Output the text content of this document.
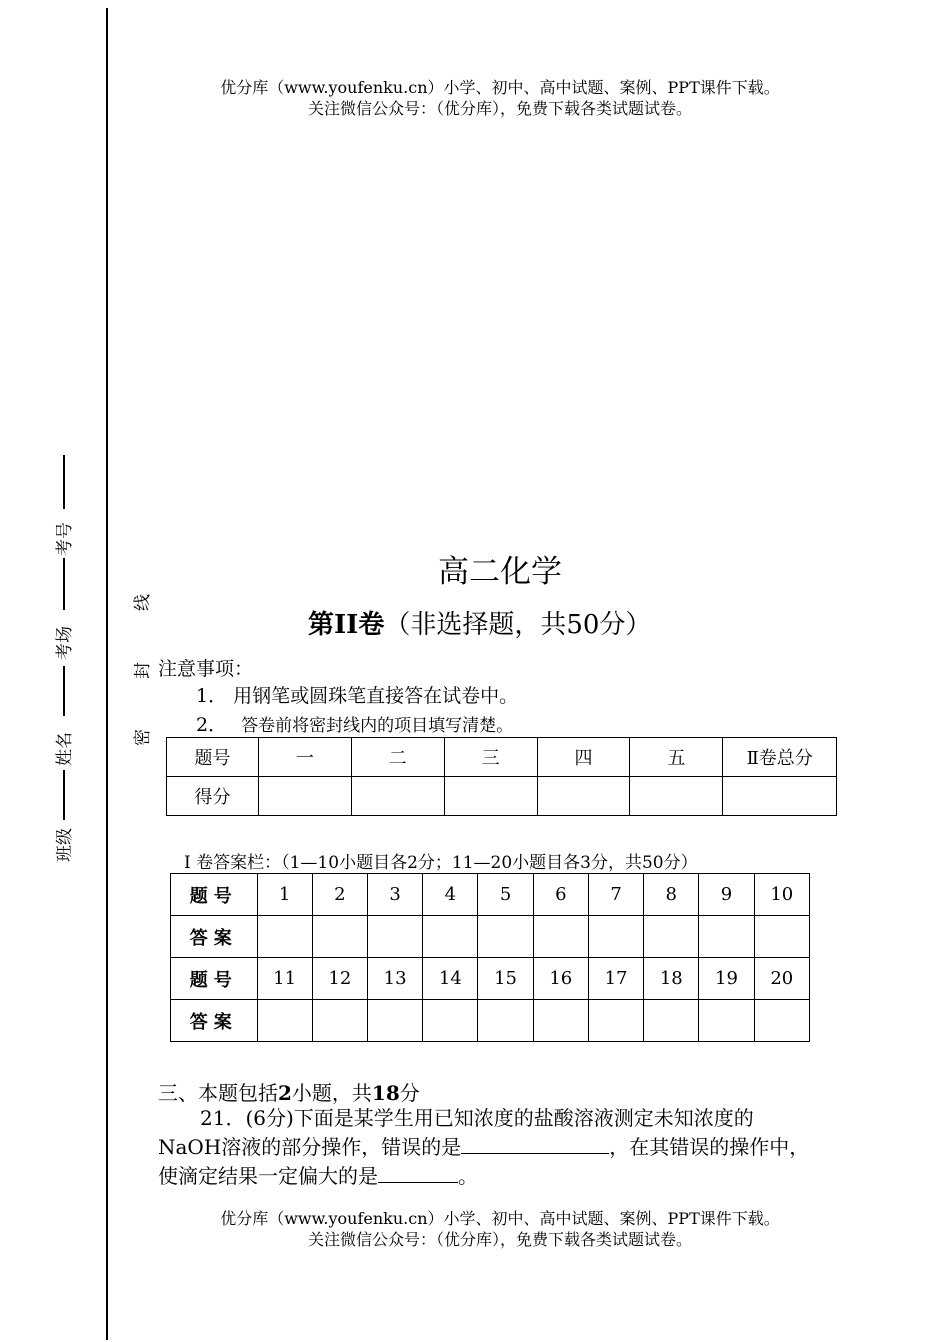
优分库（www.youfenku.cn）小学、初中、高中试题、案例、PPT课件下载。
关注微信公众号：（优分库），免费下载各类试题试卷。
班级
姓名
考场
考号
线
封
密
高二化学
第II卷（非选择题，共50分）
注意事项：
1． 用钢笔或圆珠笔直接答在试卷中。
2． 答卷前将密封线内的项目填写清楚。
题号	一	二	三	四	五	Ⅱ卷总分
得分						
Ⅰ 卷答案栏：（1—10小题目各2分；11—20小题目各3分，共50分）
题号	1	2	3	4	5	6	7	8	9	10
答案										
题号	11	12	13	14	15	16	17	18	19	20
答案										
三、本题包括2小题，共18分
21．(6分)下面是某学生用已知浓度的盐酸溶液测定未知浓度的
NaOH溶液的部分操作，错误的是	，在其错误的操作中，
使滴定结果一定偏大的是	。
优分库（www.youfenku.cn）小学、初中、高中试题、案例、PPT课件下载。
关注微信公众号：（优分库），免费下载各类试题试卷。
